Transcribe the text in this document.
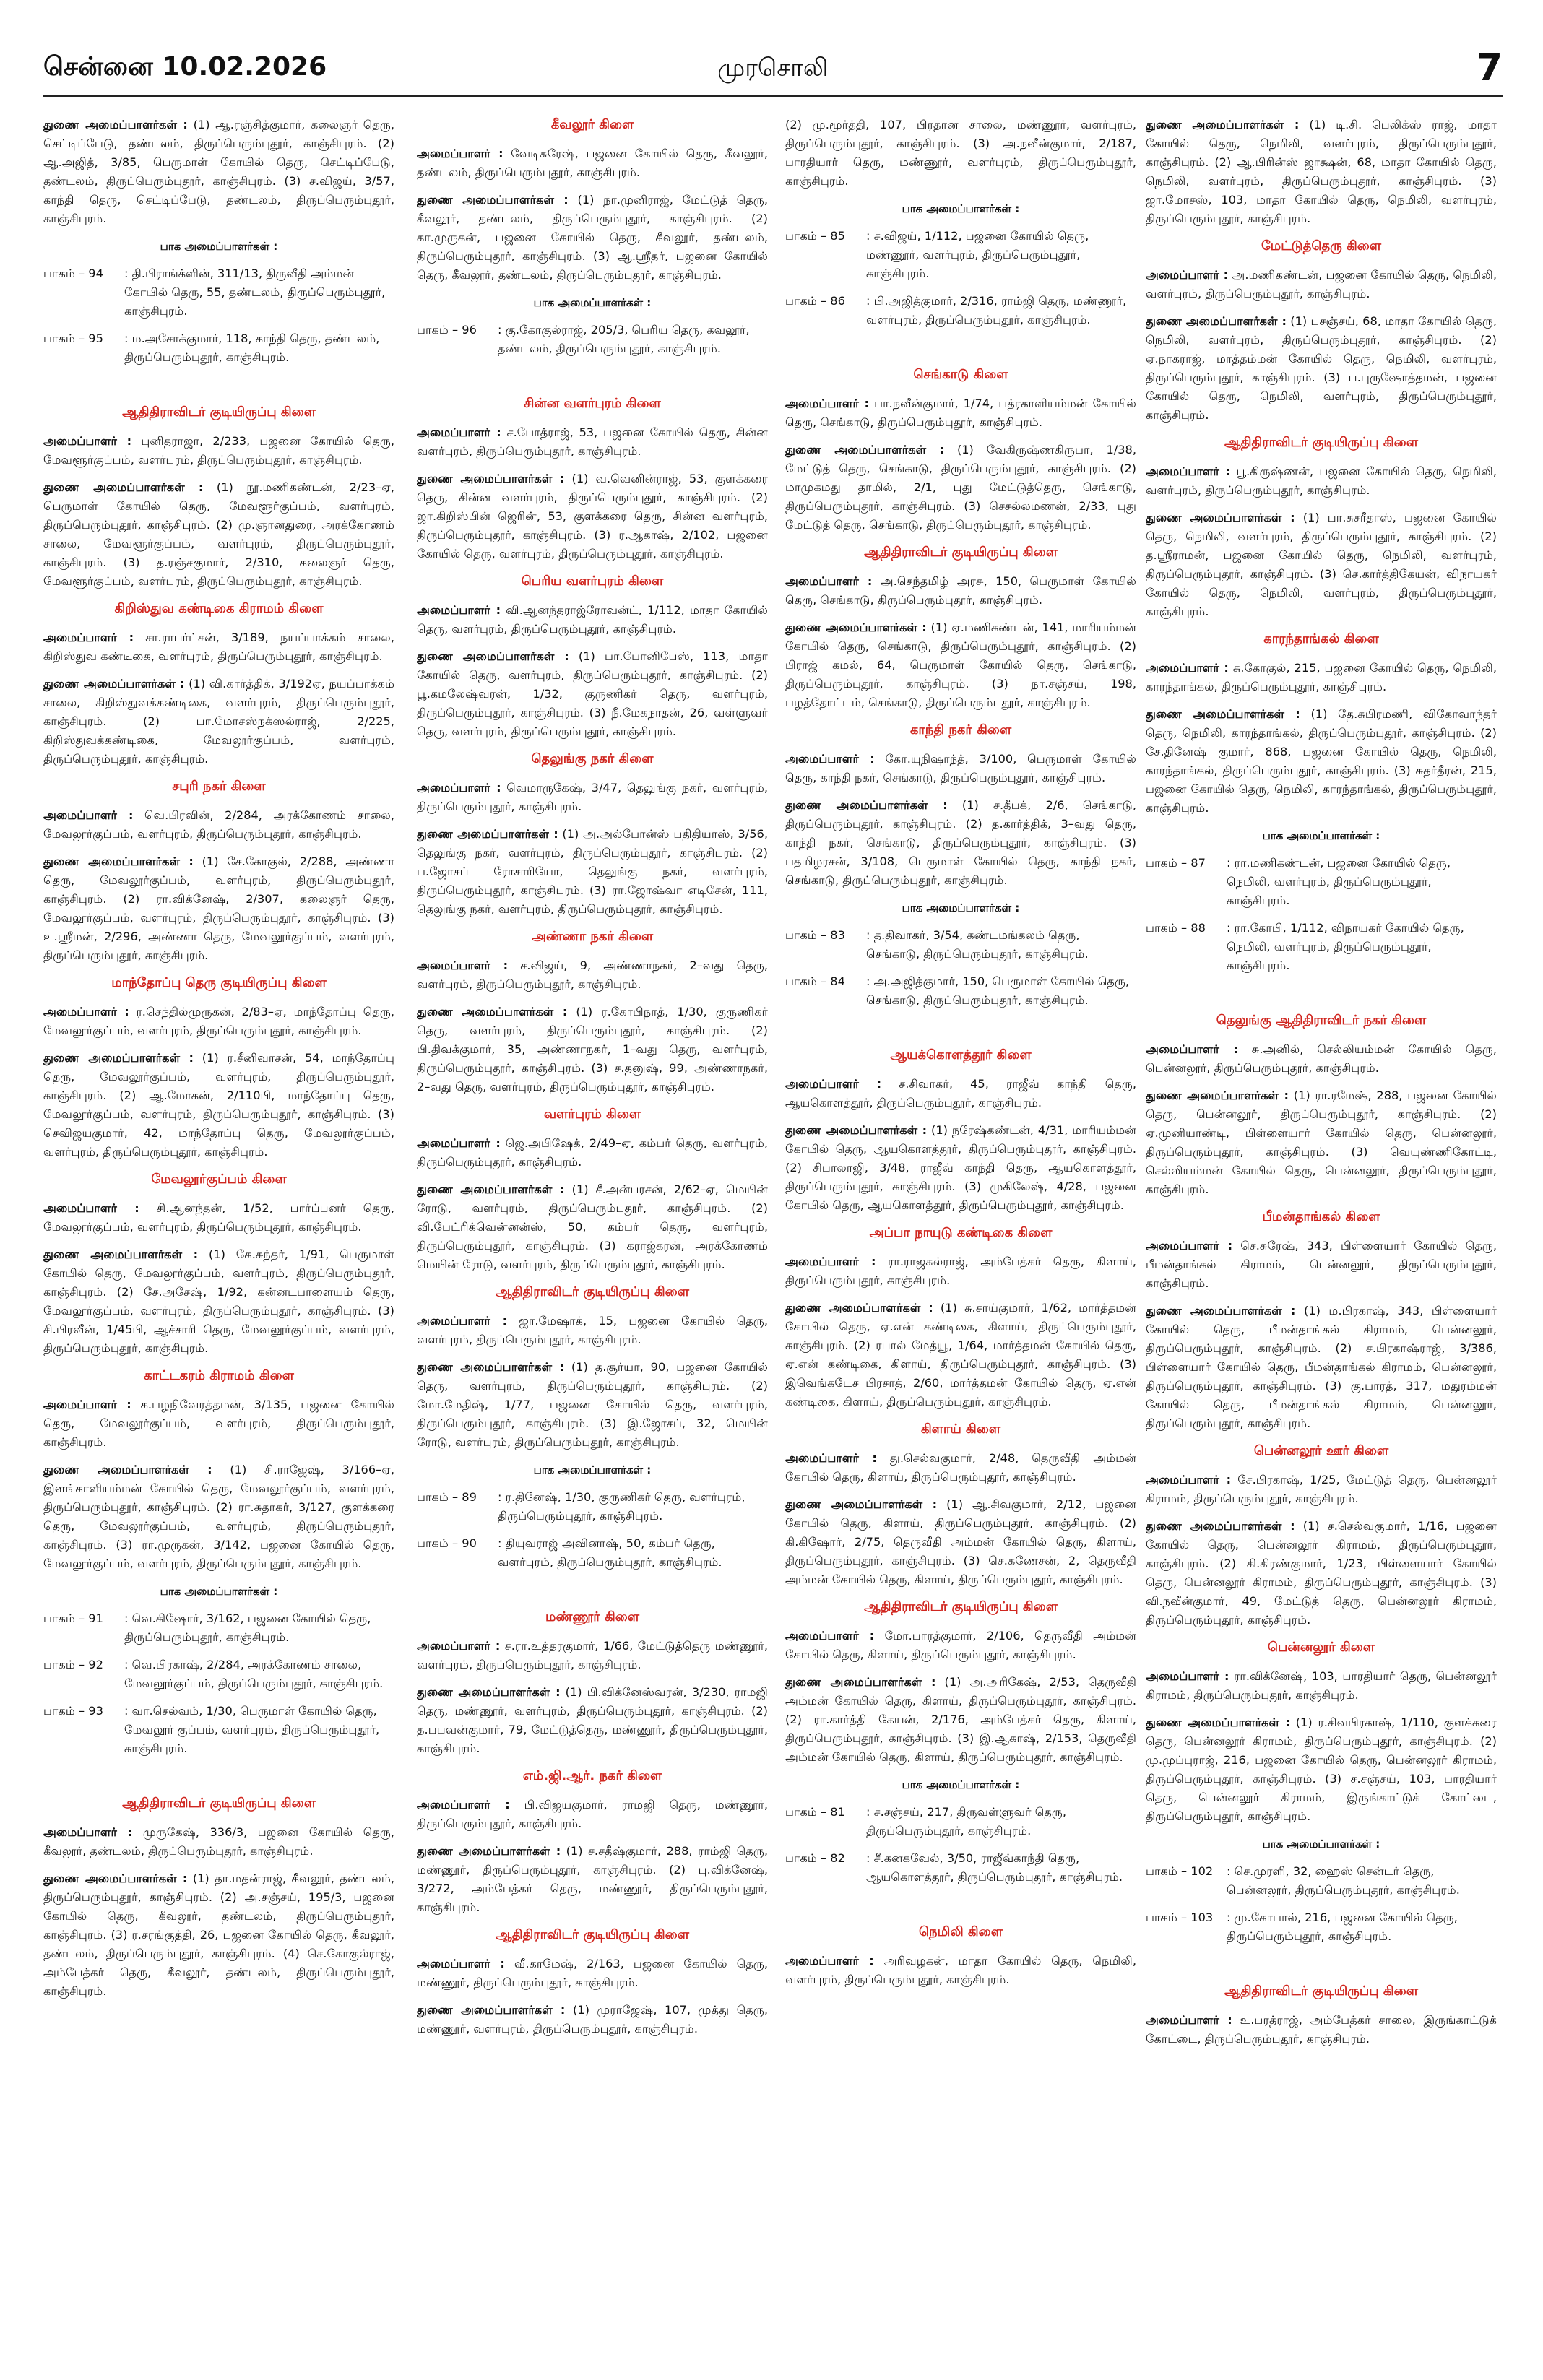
சென்னை 10.02.2026	முரசொலி	7

துணை அமைப்பாளர்கள் : (1) ஆ.ரஞ்சித்குமார், கலைஞர் தெரு, செட்டிப்பேடு, தண்டலம், திருப்பெரும்புதூர், காஞ்சிபுரம். (2) ஆ.அஜித், 3/85, பெருமாள் கோயில் தெரு, செட்டிப்பேடு, தண்டலம், திருப்பெரும்புதூர், காஞ்சிபுரம். (3) ச.விஜய், 3/57, காந்தி தெரு, செட்டிப்பேடு, தண்டலம், திருப்பெரும்புதூர், காஞ்சிபுரம்.

பாக அமைப்பாளர்கள் :
பாகம் – 94	: தி.பிராங்க்ளின், 311/13, திருவீதி அம்மன் கோயில் தெரு, 55, தண்டலம், திருப்பெரும்புதூர், காஞ்சிபுரம்.
பாகம் – 95	: ம.அசோக்குமார், 118, காந்தி தெரு, தண்டலம், திருப்பெரும்புதூர், காஞ்சிபுரம்.
ஆதிதிராவிடர் குடியிருப்பு கிளை

அமைப்பாளர் : புனிதராஜா, 2/233, பஜனை கோயில் தெரு, மேவளூர்குப்பம், வளர்புரம், திருப்பெரும்புதூர், காஞ்சிபுரம்.

துணை அமைப்பாளர்கள் : (1) நூ.மணிகண்டன், 2/23–ஏ, பெருமாள் கோயில் தெரு, மேவளூர்குப்பம், வளர்புரம், திருப்பெரும்புதூர், காஞ்சிபுரம். (2) மு.ஞானதுரை, அரக்கோணம் சாலை, மேவளூர்குப்பம், வளர்புரம், திருப்பெரும்புதூர், காஞ்சிபுரம். (3) த.ரஞ்சகுமார், 2/310, கலைஞர் தெரு, மேவளூர்குப்பம், வளர்புரம், திருப்பெரும்புதூர், காஞ்சிபுரம்.

கிறிஸ்துவ கண்டிகை கிராமம் கிளை

அமைப்பாளர் : சா.ராபர்ட்சன், 3/189, நயப்பாக்கம் சாலை, கிறிஸ்துவ கண்டிகை, வளர்புரம், திருப்பெரும்புதூர், காஞ்சிபுரம்.

துணை அமைப்பாளர்கள் : (1) வி.கார்த்திக், 3/192ஏ, நயப்பாக்கம் சாலை, கிறிஸ்துவக்கண்டிகை, வளர்புரம், திருப்பெரும்புதூர், காஞ்சிபுரம். (2) பா.மோசஸ்நக்ஸல்ராஜ், 2/225, கிறிஸ்துவக்கண்டிகை, மேவலூர்குப்பம், வளர்புரம், திருப்பெரும்புதூர், காஞ்சிபுரம்.

சபுரி நகர் கிளை

அமைப்பாளர் : வெ.பிரவின், 2/284, அரக்கோணம் சாலை, மேவலூர்குப்பம், வளர்புரம், திருப்பெரும்புதூர், காஞ்சிபுரம்.

துணை அமைப்பாளர்கள் : (1) சே.கோகுல், 2/288, அண்ணா தெரு, மேவலூர்குப்பம், வளர்புரம், திருப்பெரும்புதூர், காஞ்சிபுரம். (2) ரா.விக்னேஷ், 2/307, கலைஞர் தெரு, மேவலூர்குப்பம், வளர்புரம், திருப்பெரும்புதூர், காஞ்சிபுரம். (3) உ.ஸ்ரீமன், 2/296, அண்ணா தெரு, மேவலூர்குப்பம், வளர்புரம், திருப்பெரும்புதூர், காஞ்சிபுரம்.

மாந்தோப்பு தெரு குடியிருப்பு கிளை

அமைப்பாளர் : ர.செந்தில்முருகன், 2/83–ஏ, மாந்தோப்பு தெரு, மேவலூர்குப்பம், வளர்புரம், திருப்பெரும்புதூர், காஞ்சிபுரம்.

துணை அமைப்பாளர்கள் : (1) ர.சீனிவாசன், 54, மாந்தோப்பு தெரு, மேவலூர்குப்பம், வளர்புரம், திருப்பெரும்புதூர், காஞ்சிபுரம். (2) ஆ.மோகன், 2/110பி, மாந்தோப்பு தெரு, மேவலூர்குப்பம், வளர்புரம், திருப்பெரும்புதூர், காஞ்சிபுரம். (3) செவிஜயகுமார், 42, மாந்தோப்பு தெரு, மேவலூர்குப்பம், வளர்புரம், திருப்பெரும்புதூர், காஞ்சிபுரம்.

மேவலூர்குப்பம் கிளை

அமைப்பாளர் : சி.ஆனந்தன், 1/52, பார்ப்பனர் தெரு, மேவலூர்குப்பம், வளர்புரம், திருப்பெரும்புதூர், காஞ்சிபுரம்.

துணை அமைப்பாளர்கள் : (1) கே.சுந்தர், 1/91, பெருமாள் கோயில் தெரு, மேவலூர்குப்பம், வளர்புரம், திருப்பெரும்புதூர், காஞ்சிபுரம். (2) சே.அசேஷ், 1/92, கன்னடபாளையம் தெரு, மேவலூர்குப்பம், வளர்புரம், திருப்பெரும்புதூர், காஞ்சிபுரம். (3) சி.பிரவீன், 1/45பி, ஆச்சாரி தெரு, மேவலூர்குப்பம், வளர்புரம், திருப்பெரும்புதூர், காஞ்சிபுரம்.

காட்டகரம் கிராமம் கிளை

அமைப்பாளர் : க.பழநிவேரத்தமன், 3/135, பஜனை கோயில் தெரு, மேவலூர்குப்பம், வளர்புரம், திருப்பெரும்புதூர், காஞ்சிபுரம்.

துணை அமைப்பாளர்கள் : (1) சி.ராஜேஷ், 3/166–ஏ, இளங்காளியம்மன் கோயில் தெரு, மேவலூர்குப்பம், வளர்புரம், திருப்பெரும்புதூர், காஞ்சிபுரம். (2) ரா.சுதாகர், 3/127, குளக்கரை தெரு, மேவலூர்குப்பம், வளர்புரம், திருப்பெரும்புதூர், காஞ்சிபுரம். (3) ரா.முருகன், 3/142, பஜனை கோயில் தெரு, மேவலூர்குப்பம், வளர்புரம், திருப்பெரும்புதூர், காஞ்சிபுரம்.

பாக அமைப்பாளர்கள் :
பாகம் – 91	: வெ.கிஷோர், 3/162, பஜனை கோயில் தெரு, திருப்பெரும்புதூர், காஞ்சிபுரம்.
பாகம் – 92	: வெ.பிரகாஷ், 2/284, அரக்கோணம் சாலை, மேவலூர்குப்பம், திருப்பெரும்புதூர், காஞ்சிபுரம்.
பாகம் – 93	: வா.செல்வம், 1/30, பெருமாள் கோயில் தெரு, மேவலூர் குப்பம், வளர்புரம், திருப்பெரும்புதூர், காஞ்சிபுரம்.
ஆதிதிராவிடர் குடியிருப்பு கிளை

அமைப்பாளர் : முருகேஷ், 336/3, பஜனை கோயில் தெரு, கீவலூர், தண்டலம், திருப்பெரும்புதூர், காஞ்சிபுரம்.

துணை அமைப்பாளர்கள் : (1) தா.மதன்ராஜ், கீவலூர், தண்டலம், திருப்பெரும்புதூர், காஞ்சிபுரம். (2) அ.சஞ்சய், 195/3, பஜனை கோயில் தெரு, கீவலூர், தண்டலம், திருப்பெரும்புதூர், காஞ்சிபுரம். (3) ர.சரங்குத்தி, 26, பஜனை கோயில் தெரு, கீவலூர், தண்டலம், திருப்பெரும்புதூர், காஞ்சிபுரம். (4) செ.கோகுல்ராஜ், அம்பேத்கர் தெரு, கீவலூர், தண்டலம், திருப்பெரும்புதூர், காஞ்சிபுரம்.

கீவலூர் கிளை

அமைப்பாளர் : வேடிசுரேஷ், பஜனை கோயில் தெரு, கீவலூர், தண்டலம், திருப்பெரும்புதூர், காஞ்சிபுரம்.

துணை அமைப்பாளர்கள் : (1) நா.முனிராஜ், மேட்டுத் தெரு, கீவலூர், தண்டலம், திருப்பெரும்புதூர், காஞ்சிபுரம். (2) கா.முருகன், பஜனை கோயில் தெரு, கீவலூர், தண்டலம், திருப்பெரும்புதூர், காஞ்சிபுரம். (3) ஆ.ஸ்ரீதர், பஜனை கோயில் தெரு, கீவலூர், தண்டலம், திருப்பெரும்புதூர், காஞ்சிபுரம்.

பாக அமைப்பாளர்கள் :
பாகம் – 96	: கு.கோகுல்ராஜ், 205/3, பெரிய தெரு, கவலூர், தண்டலம், திருப்பெரும்புதூர், காஞ்சிபுரம்.
சின்ன வளர்புரம் கிளை

அமைப்பாளர் : ச.போத்ராஜ், 53, பஜனை கோயில் தெரு, சின்ன வளர்புரம், திருப்பெரும்புதூர், காஞ்சிபுரம்.

துணை அமைப்பாளர்கள் : (1) வ.வெனின்ராஜ், 53, குளக்கரை தெரு, சின்ன வளர்புரம், திருப்பெரும்புதூர், காஞ்சிபுரம். (2) ஜா.கிறிஸ்பின் ஜெரின், 53, குளக்கரை தெரு, சின்ன வளர்புரம், திருப்பெரும்புதூர், காஞ்சிபுரம். (3) ர.ஆகாஷ், 2/102, பஜனை கோயில் தெரு, வளர்புரம், திருப்பெரும்புதூர், காஞ்சிபுரம்.

பெரிய வளர்புரம் கிளை

அமைப்பாளர் : வி.ஆனந்தராஜ்ரோவன்ட், 1/112, மாதா கோயில் தெரு, வளர்புரம், திருப்பெரும்புதூர், காஞ்சிபுரம்.

துணை அமைப்பாளர்கள் : (1) பா.போனிபேஸ், 113, மாதா கோயில் தெரு, வளர்புரம், திருப்பெரும்புதூர், காஞ்சிபுரம். (2) பூ.கமலேஷ்வரன், 1/32, குருணிகர் தெரு, வளர்புரம், திருப்பெரும்புதூர், காஞ்சிபுரம். (3) நீ.மேகநாதன், 26, வள்ளுவர் தெரு, வளர்புரம், திருப்பெரும்புதூர், காஞ்சிபுரம்.

தெலுங்கு நகர் கிளை

அமைப்பாளர் : வெமாருகேஷ், 3/47, தெலுங்கு நகர், வளர்புரம், திருப்பெரும்புதூர், காஞ்சிபுரம்.

துணை அமைப்பாளர்கள் : (1) அ.அல்போன்ஸ் பதிதியாஸ், 3/56, தெலுங்கு நகர், வளர்புரம், திருப்பெரும்புதூர், காஞ்சிபுரம். (2) ப.ஜோசப் ரோசாரியோ, தெலுங்கு நகர், வளர்புரம், திருப்பெரும்புதூர், காஞ்சிபுரம். (3) ரா.ஜோஷ்வா எடிசேன், 111, தெலுங்கு நகர், வளர்புரம், திருப்பெரும்புதூர், காஞ்சிபுரம்.

அண்ணா நகர் கிளை

அமைப்பாளர் : ச.விஜய், 9, அண்ணாநகர், 2–வது தெரு, வளர்புரம், திருப்பெரும்புதூர், காஞ்சிபுரம்.

துணை அமைப்பாளர்கள் : (1) ர.கோபிநாத், 1/30, குருணிகர் தெரு, வளர்புரம், திருப்பெரும்புதூர், காஞ்சிபுரம். (2) பி.திவக்குமார், 35, அண்ணாநகர், 1–வது தெரு, வளர்புரம், திருப்பெரும்புதூர், காஞ்சிபுரம். (3) ச.தனுஷ், 99, அண்ணாநகர், 2–வது தெரு, வளர்புரம், திருப்பெரும்புதூர், காஞ்சிபுரம்.

வளர்புரம் கிளை

அமைப்பாளர் : ஜெ.அபிஷேக், 2/49–ஏ, கம்பர் தெரு, வளர்புரம், திருப்பெரும்புதூர், காஞ்சிபுரம்.

துணை அமைப்பாளர்கள் : (1) சீ.அன்பரசன், 2/62–ஏ, மெயின் ரோடு, வளர்புரம், திருப்பெரும்புதூர், காஞ்சிபுரம். (2) வி.பேட்ரிக்வென்னன்ஸ், 50, கம்பர் தெரு, வளர்புரம், திருப்பெரும்புதூர், காஞ்சிபுரம். (3) கராஜ்கரன், அரக்கோணம் மெயின் ரோடு, வளர்புரம், திருப்பெரும்புதூர், காஞ்சிபுரம்.

ஆதிதிராவிடர் குடியிருப்பு கிளை

அமைப்பாளர் : ஜா.மேஷாக், 15, பஜனை கோயில் தெரு, வளர்புரம், திருப்பெரும்புதூர், காஞ்சிபுரம்.

துணை அமைப்பாளர்கள் : (1) த.சூர்யா, 90, பஜனை கோயில் தெரு, வளர்புரம், திருப்பெரும்புதூர், காஞ்சிபுரம். (2) மோ.மேதிஷ், 1/77, பஜனை கோயில் தெரு, வளர்புரம், திருப்பெரும்புதூர், காஞ்சிபுரம். (3) இ.ஜோசப், 32, மெயின் ரோடு, வளர்புரம், திருப்பெரும்புதூர், காஞ்சிபுரம்.

பாக அமைப்பாளர்கள் :
பாகம் – 89	: ர.தினேஷ், 1/30, குருணிகர் தெரு, வளர்புரம், திருப்பெரும்புதூர், காஞ்சிபுரம்.
பாகம் – 90	: தியுவராஜ் அவினாஷ், 50, கம்பர் தெரு, வளர்புரம், திருப்பெரும்புதூர், காஞ்சிபுரம்.
மண்ணூர் கிளை

அமைப்பாளர் : ச.ரா.உத்தரகுமார், 1/66, மேட்டுத்தெரு மண்ணூர், வளர்புரம், திருப்பெரும்புதூர், காஞ்சிபுரம்.

துணை அமைப்பாளர்கள் : (1) பி.விக்னேஸ்வரன், 3/230, ராமஜி தெரு, மண்ணூர், வளர்புரம், திருப்பெரும்புதூர், காஞ்சிபுரம். (2) த.பபவன்குமார், 79, மேட்டுத்தெரு, மண்ணூர், திருப்பெரும்புதூர், காஞ்சிபுரம்.

எம்.ஜி.ஆர். நகர் கிளை

அமைப்பாளர் : பி.விஜயகுமார், ராமஜி தெரு, மண்ணூர், திருப்பெரும்புதூர், காஞ்சிபுரம்.

துணை அமைப்பாளர்கள் : (1) ச.சதீஷ்குமார், 288, ராம்ஜி தெரு, மண்ணூர், திருப்பெரும்புதூர், காஞ்சிபுரம். (2) பு.விக்னேஷ், 3/272, அம்பேத்கர் தெரு, மண்ணூர், திருப்பெரும்புதூர், காஞ்சிபுரம்.

ஆதிதிராவிடர் குடியிருப்பு கிளை

அமைப்பாளர் : வீ.காமேஷ், 2/163, பஜனை கோயில் தெரு, மண்ணூர், திருப்பெரும்புதூர், காஞ்சிபுரம்.

துணை அமைப்பாளர்கள் : (1) முராஜேஷ், 107, முத்து தெரு, மண்ணூர், வளர்புரம், திருப்பெரும்புதூர், காஞ்சிபுரம்.

(2) மு.மூர்த்தி, 107, பிரதான சாலை, மண்ணூர், வளர்புரம், திருப்பெரும்புதூர், காஞ்சிபுரம். (3) அ.நவீன்குமார், 2/187, பாரதியார் தெரு, மண்ணூர், வளர்புரம், திருப்பெரும்புதூர், காஞ்சிபுரம்.

பாக அமைப்பாளர்கள் :
பாகம் – 85	: ச.விஜய், 1/112, பஜனை கோயில் தெரு, மண்ணூர், வளர்புரம், திருப்பெரும்புதூர், காஞ்சிபுரம்.
பாகம் – 86	: பி.அஜித்குமார், 2/316, ராம்ஜி தெரு, மண்ணூர், வளர்புரம், திருப்பெரும்புதூர், காஞ்சிபுரம்.
செங்காடு கிளை

அமைப்பாளர் : பா.நவீன்குமார், 1/74, பத்ரகாளியம்மன் கோயில் தெரு, செங்காடு, திருப்பெரும்புதூர், காஞ்சிபுரம்.

துணை அமைப்பாளர்கள் : (1) வேகிருஷ்ணகிருபா, 1/38, மேட்டுத் தெரு, செங்காடு, திருப்பெரும்புதூர், காஞ்சிபுரம். (2) மாமுகமது தாமில், 2/1, புது மேட்டுத்தெரு, செங்காடு, திருப்பெரும்புதூர், காஞ்சிபுரம். (3) செசல்லமணன், 2/33, புது மேட்டுத் தெரு, செங்காடு, திருப்பெரும்புதூர், காஞ்சிபுரம்.

ஆதிதிராவிடர் குடியிருப்பு கிளை

அமைப்பாளர் : அ.செந்தமிழ் அரசு, 150, பெருமாள் கோயில் தெரு, செங்காடு, திருப்பெரும்புதூர், காஞ்சிபுரம்.

துணை அமைப்பாளர்கள் : (1) ஏ.மணிகண்டன், 141, மாரியம்மன் கோயில் தெரு, செங்காடு, திருப்பெரும்புதூர், காஞ்சிபுரம். (2) பிராஜ் கமல், 64, பெருமாள் கோயில் தெரு, செங்காடு, திருப்பெரும்புதூர், காஞ்சிபுரம். (3) நா.சஞ்சய், 198, பழத்தோட்டம், செங்காடு, திருப்பெரும்புதூர், காஞ்சிபுரம்.

காந்தி நகர் கிளை

அமைப்பாளர் : கோ.யுநிஷாந்த், 3/100, பெருமாள் கோயில் தெரு, காந்தி நகர், செங்காடு, திருப்பெரும்புதூர், காஞ்சிபுரம்.

துணை அமைப்பாளர்கள் : (1) ச.தீபக், 2/6, செங்காடு, திருப்பெரும்புதூர், காஞ்சிபுரம். (2) த.கார்த்திக், 3–வது தெரு, காந்தி நகர், செங்காடு, திருப்பெரும்புதூர், காஞ்சிபுரம். (3) பதமிழரசன், 3/108, பெருமாள் கோயில் தெரு, காந்தி நகர், செங்காடு, திருப்பெரும்புதூர், காஞ்சிபுரம்.

பாக அமைப்பாளர்கள் :
பாகம் – 83	: த.திவாகர், 3/54, கண்டமங்கலம் தெரு, செங்காடு, திருப்பெரும்புதூர், காஞ்சிபுரம்.
பாகம் – 84	: அ.அஜித்குமார், 150, பெருமாள் கோயில் தெரு, செங்காடு, திருப்பெரும்புதூர், காஞ்சிபுரம்.
ஆயக்கொளத்தூர் கிளை

அமைப்பாளர் : ச.சிவாகர், 45, ராஜீவ் காந்தி தெரு, ஆயகொளத்தூர், திருப்பெரும்புதூர், காஞ்சிபுரம்.

துணை அமைப்பாளர்கள் : (1) நரேஷ்கண்டன், 4/31, மாரியம்மன் கோயில் தெரு, ஆயகொளத்தூர், திருப்பெரும்புதூர், காஞ்சிபுரம். (2) சிபாலாஜி, 3/48, ராஜீவ் காந்தி தெரு, ஆயகொளத்தூர், திருப்பெரும்புதூர், காஞ்சிபுரம். (3) முகிலேஷ், 4/28, பஜனை கோயில் தெரு, ஆயகொளத்தூர், திருப்பெரும்புதூர், காஞ்சிபுரம்.

அப்பா நாயுடு கண்டிகை கிளை

அமைப்பாளர் : ரா.ராஜசுல்ராஜ், அம்பேத்கர் தெரு, கிளாய், திருப்பெரும்புதூர், காஞ்சிபுரம்.

துணை அமைப்பாளர்கள் : (1) சு.சாய்குமார், 1/62, மார்த்தமன் கோயில் தெரு, ஏ.என் கண்டிகை, கிளாய், திருப்பெரும்புதூர், காஞ்சிபுரம். (2) ரபால் மேத்யூ, 1/64, மார்த்தமன் கோயில் தெரு, ஏ.என் கண்டிகை, கிளாய், திருப்பெரும்புதூர், காஞ்சிபுரம். (3) இவெங்கடேச பிரசாத், 2/60, மார்த்தமன் கோயில் தெரு, ஏ.என் கண்டிகை, கிளாய், திருப்பெரும்புதூர், காஞ்சிபுரம்.

கிளாய் கிளை

அமைப்பாளர் : து.செல்வகுமார், 2/48, தெருவீதி அம்மன் கோயில் தெரு, கிளாய், திருப்பெரும்புதூர், காஞ்சிபுரம்.

துணை அமைப்பாளர்கள் : (1) ஆ.சிவகுமார், 2/12, பஜனை கோயில் தெரு, கிளாய், திருப்பெரும்புதூர், காஞ்சிபுரம். (2) கி.கிஷோர், 2/75, தெருவீதி அம்மன் கோயில் தெரு, கிளாய், திருப்பெரும்புதூர், காஞ்சிபுரம். (3) செ.கணேசன், 2, தெருவீதி அம்மன் கோயில் தெரு, கிளாய், திருப்பெரும்புதூர், காஞ்சிபுரம்.

ஆதிதிராவிடர் குடியிருப்பு கிளை

அமைப்பாளர் : மோ.பாரத்குமார், 2/106, தெருவீதி அம்மன் கோயில் தெரு, கிளாய், திருப்பெரும்புதூர், காஞ்சிபுரம்.

துணை அமைப்பாளர்கள் : (1) அ.அரிகேஷ், 2/53, தெருவீதி அம்மன் கோயில் தெரு, கிளாய், திருப்பெரும்புதூர், காஞ்சிபுரம். (2) ரா.கார்த்தி கேயன், 2/176, அம்பேத்கர் தெரு, கிளாய், திருப்பெரும்புதூர், காஞ்சிபுரம். (3) இ.ஆகாஷ், 2/153, தெருவீதி அம்மன் கோயில் தெரு, கிளாய், திருப்பெரும்புதூர், காஞ்சிபுரம்.

பாக அமைப்பாளர்கள் :
பாகம் – 81	: ச.சஞ்சய், 217, திருவள்ளுவர் தெரு, திருப்பெரும்புதூர், காஞ்சிபுரம்.
பாகம் – 82	: சீ.கனகவேல், 3/50, ராஜீவ்காந்தி தெரு, ஆயகொளத்தூர், திருப்பெரும்புதூர், காஞ்சிபுரம்.
நெமிலி கிளை

அமைப்பாளர் : அரிவழகன், மாதா கோயில் தெரு, நெமிலி, வளர்புரம், திருப்பெரும்புதூர், காஞ்சிபுரம்.

துணை அமைப்பாளர்கள் : (1) டி.சி. பெலிக்ஸ் ராஜ், மாதா கோயில் தெரு, நெமிலி, வளர்புரம், திருப்பெரும்புதூர், காஞ்சிபுரம். (2) ஆ.பிரின்ஸ் ஜாக்ஷன், 68, மாதா கோயில் தெரு, நெமிலி, வளர்புரம், திருப்பெரும்புதூர், காஞ்சிபுரம். (3) ஜா.மோசஸ், 103, மாதா கோயில் தெரு, நெமிலி, வளர்புரம், திருப்பெரும்புதூர், காஞ்சிபுரம்.

மேட்டுத்தெரு கிளை

அமைப்பாளர் : அ.மணிகண்டன், பஜனை கோயில் தெரு, நெமிலி, வளர்புரம், திருப்பெரும்புதூர், காஞ்சிபுரம்.

துணை அமைப்பாளர்கள் : (1) பசஞ்சய், 68, மாதா கோயில் தெரு, நெமிலி, வளர்புரம், திருப்பெரும்புதூர், காஞ்சிபுரம். (2) ஏ.நாகராஜ், மாத்தம்மன் கோயில் தெரு, நெமிலி, வளர்புரம், திருப்பெரும்புதூர், காஞ்சிபுரம். (3) ப.புருஷோத்தமன், பஜனை கோயில் தெரு, நெமிலி, வளர்புரம், திருப்பெரும்புதூர், காஞ்சிபுரம்.

ஆதிதிராவிடர் குடியிருப்பு கிளை

அமைப்பாளர் : பூ.கிருஷ்ணன், பஜனை கோயில் தெரு, நெமிலி, வளர்புரம், திருப்பெரும்புதூர், காஞ்சிபுரம்.

துணை அமைப்பாளர்கள் : (1) பா.சுசரீதாஸ், பஜனை கோயில் தெரு, நெமிலி, வளர்புரம், திருப்பெரும்புதூர், காஞ்சிபுரம். (2) த.ஸ்ரீராமன், பஜனை கோயில் தெரு, நெமிலி, வளர்புரம், திருப்பெரும்புதூர், காஞ்சிபுரம். (3) செ.கார்த்திகேயன், விநாயகர் கோயில் தெரு, நெமிலி, வளர்புரம், திருப்பெரும்புதூர், காஞ்சிபுரம்.

காரந்தாங்கல் கிளை

அமைப்பாளர் : சு.கோகுல், 215, பஜனை கோயில் தெரு, நெமிலி, காரந்தாங்கல், திருப்பெரும்புதூர், காஞ்சிபுரம்.

துணை அமைப்பாளர்கள் : (1) தே.சுபிரமணி, விகோவாந்தர் தெரு, நெமிலி, காரந்தாங்கல், திருப்பெரும்புதூர், காஞ்சிபுரம். (2) சே.தினேஷ் குமார், 868, பஜனை கோயில் தெரு, நெமிலி, காரந்தாங்கல், திருப்பெரும்புதூர், காஞ்சிபுரம். (3) சுதர்தீரன், 215, பஜனை கோயில் தெரு, நெமிலி, காரந்தாங்கல், திருப்பெரும்புதூர், காஞ்சிபுரம்.

பாக அமைப்பாளர்கள் :
பாகம் – 87	: ரா.மணிகண்டன், பஜனை கோயில் தெரு, நெமிலி, வளர்புரம், திருப்பெரும்புதூர், காஞ்சிபுரம்.
பாகம் – 88	: ரா.கோபி, 1/112, விநாயகர் கோயில் தெரு, நெமிலி, வளர்புரம், திருப்பெரும்புதூர், காஞ்சிபுரம்.
தெலுங்கு ஆதிதிராவிடர் நகர் கிளை

அமைப்பாளர் : சு.அனில், செல்லியம்மன் கோயில் தெரு, பென்னலூர், திருப்பெரும்புதூர், காஞ்சிபுரம்.

துணை அமைப்பாளர்கள் : (1) ரா.ரமேஷ், 288, பஜனை கோயில் தெரு, பென்னலூர், திருப்பெரும்புதூர், காஞ்சிபுரம். (2) ஏ.முனியாண்டி, பிள்ளையார் கோயில் தெரு, பென்னலூர், திருப்பெரும்புதூர், காஞ்சிபுரம். (3) வெயுண்ணிகோட்டி, செல்லியம்மன் கோயில் தெரு, பென்னலூர், திருப்பெரும்புதூர், காஞ்சிபுரம்.

பீமன்தாங்கல் கிளை

அமைப்பாளர் : செ.சுரேஷ், 343, பிள்ளையார் கோயில் தெரு, பீமன்தாங்கல் கிராமம், பென்னலூர், திருப்பெரும்புதூர், காஞ்சிபுரம்.

துணை அமைப்பாளர்கள் : (1) ம.பிரகாஷ், 343, பிள்ளையார் கோயில் தெரு, பீமன்தாங்கல் கிராமம், பென்னலூர், திருப்பெரும்புதூர், காஞ்சிபுரம். (2) ச.பிரகாஷ்ராஜ், 3/386, பிள்ளையார் கோயில் தெரு, பீமன்தாங்கல் கிராமம், பென்னலூர், திருப்பெரும்புதூர், காஞ்சிபுரம். (3) கு.பாரத், 317, மதுரம்மன் கோயில் தெரு, பீமன்தாங்கல் கிராமம், பென்னலூர், திருப்பெரும்புதூர், காஞ்சிபுரம்.

பென்னலூர் ஊர் கிளை

அமைப்பாளர் : சே.பிரகாஷ், 1/25, மேட்டுத் தெரு, பென்னலூர் கிராமம், திருப்பெரும்புதூர், காஞ்சிபுரம்.

துணை அமைப்பாளர்கள் : (1) ச.செல்வகுமார், 1/16, பஜனை கோயில் தெரு, பென்னலூர் கிராமம், திருப்பெரும்புதூர், காஞ்சிபுரம். (2) கி.கிரண்குமார், 1/23, பிள்ளையார் கோயில் தெரு, பென்னலூர் கிராமம், திருப்பெரும்புதூர், காஞ்சிபுரம். (3) வி.நவீன்குமார், 49, மேட்டுத் தெரு, பென்னலூர் கிராமம், திருப்பெரும்புதூர், காஞ்சிபுரம்.

பென்னலூர் கிளை

அமைப்பாளர் : ரா.விக்னேஷ், 103, பாரதியார் தெரு, பென்னலூர் கிராமம், திருப்பெரும்புதூர், காஞ்சிபுரம்.

துணை அமைப்பாளர்கள் : (1) ர.சிவபிரகாஷ், 1/110, குளக்கரை தெரு, பென்னலூர் கிராமம், திருப்பெரும்புதூர், காஞ்சிபுரம். (2) மு.முப்புராஜ், 216, பஜனை கோயில் தெரு, பென்னலூர் கிராமம், திருப்பெரும்புதூர், காஞ்சிபுரம். (3) ச.சஞ்சய், 103, பாரதியார் தெரு, பென்னலூர் கிராமம், இருங்காட்டுக் கோட்டை, திருப்பெரும்புதூர், காஞ்சிபுரம்.

பாக அமைப்பாளர்கள் :
பாகம் – 102	: செ.முரளி, 32, ஹைஸ் சென்டர் தெரு, பென்னலூர், திருப்பெரும்புதூர், காஞ்சிபுரம்.
பாகம் – 103	: மு.கோபால், 216, பஜனை கோயில் தெரு, திருப்பெரும்புதூர், காஞ்சிபுரம்.
ஆதிதிராவிடர் குடியிருப்பு கிளை

அமைப்பாளர் : உ.பரத்ராஜ், அம்பேத்கர் சாலை, இருங்காட்டுக் கோட்டை, திருப்பெரும்புதூர், காஞ்சிபுரம்.
